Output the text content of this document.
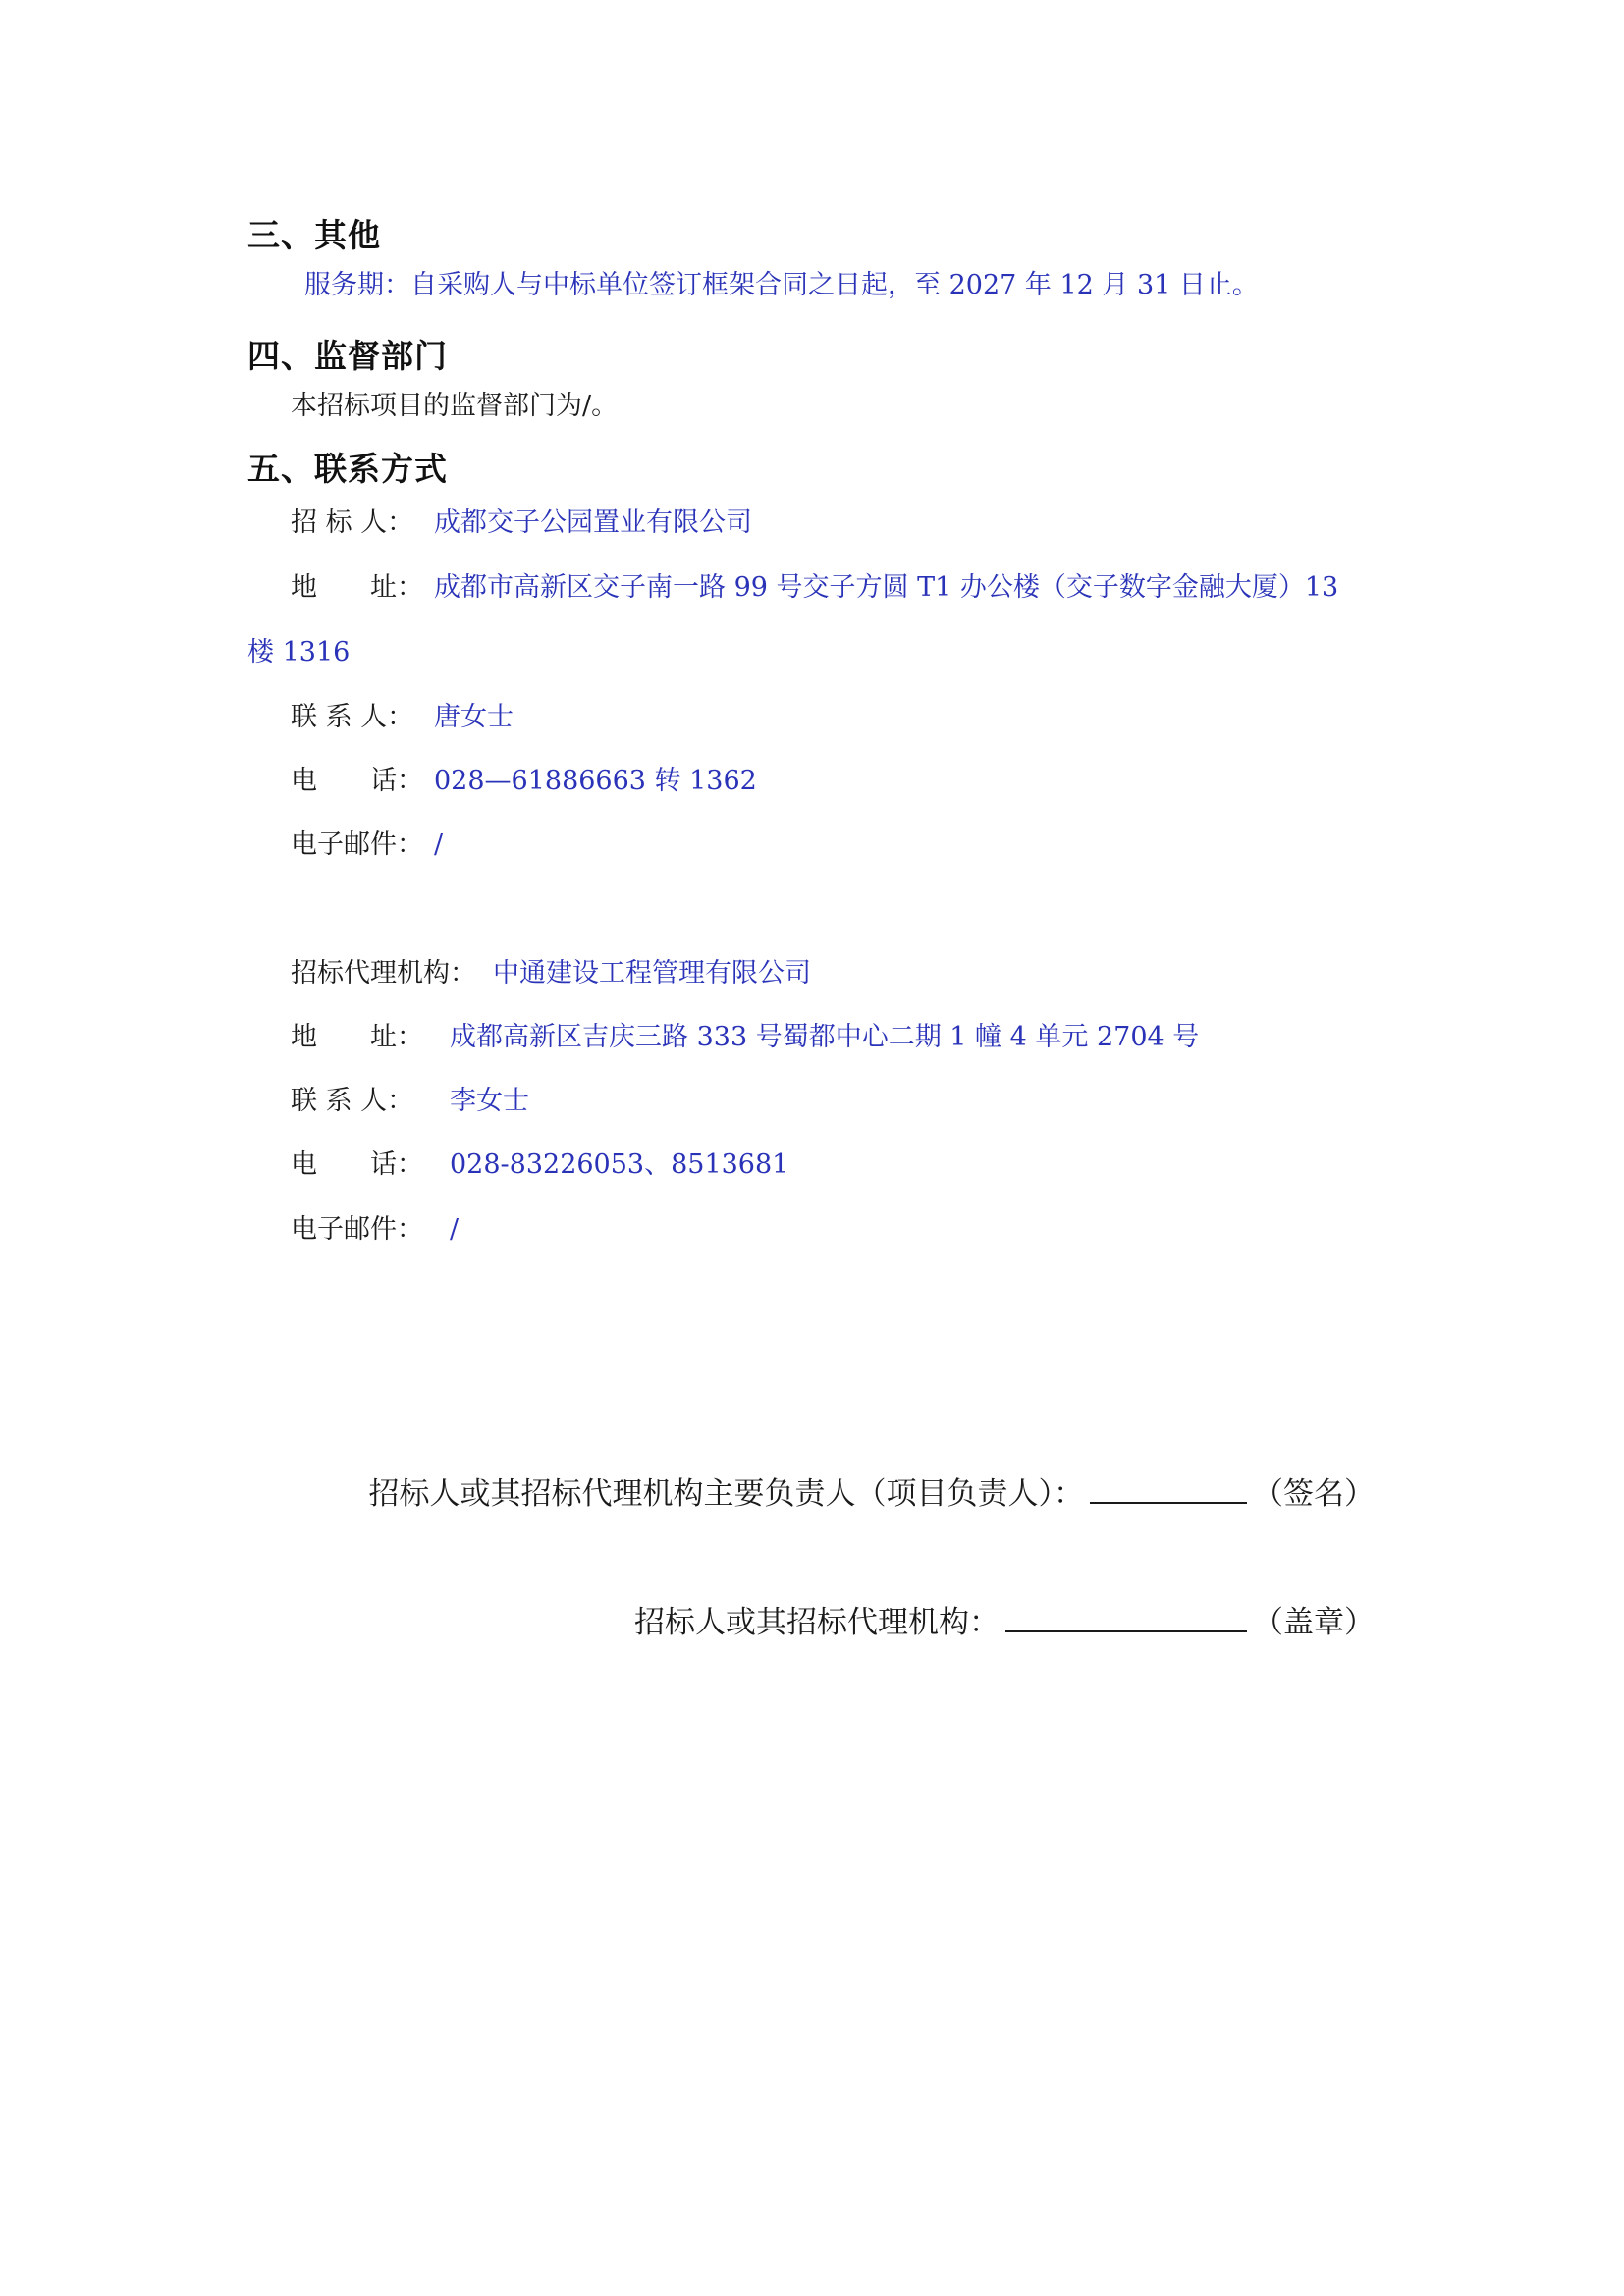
三、其他
服务期：自采购人与中标单位签订框架合同之日起，至 2027 年 12 月 31 日止。
四、监督部门
本招标项目的监督部门为/。
五、联系方式
招 标 人： 成都交子公园置业有限公司
地　　址： 成都市高新区交子南一路 99 号交子方圆 T1 办公楼（交子数字金融大厦）13
楼 1316
联 系 人： 唐女士
电　　话： 028—61886663 转 1362
电子邮件： /
招标代理机构： 中通建设工程管理有限公司
地　　址： 成都高新区吉庆三路 333 号蜀都中心二期 1 幢 4 单元 2704 号
联 系 人： 李女士
电　　话： 028-83226053、8513681
电子邮件： /
招标人或其招标代理机构主要负责人（项目负责人）：	（签名）
招标人或其招标代理机构：	（盖章）
